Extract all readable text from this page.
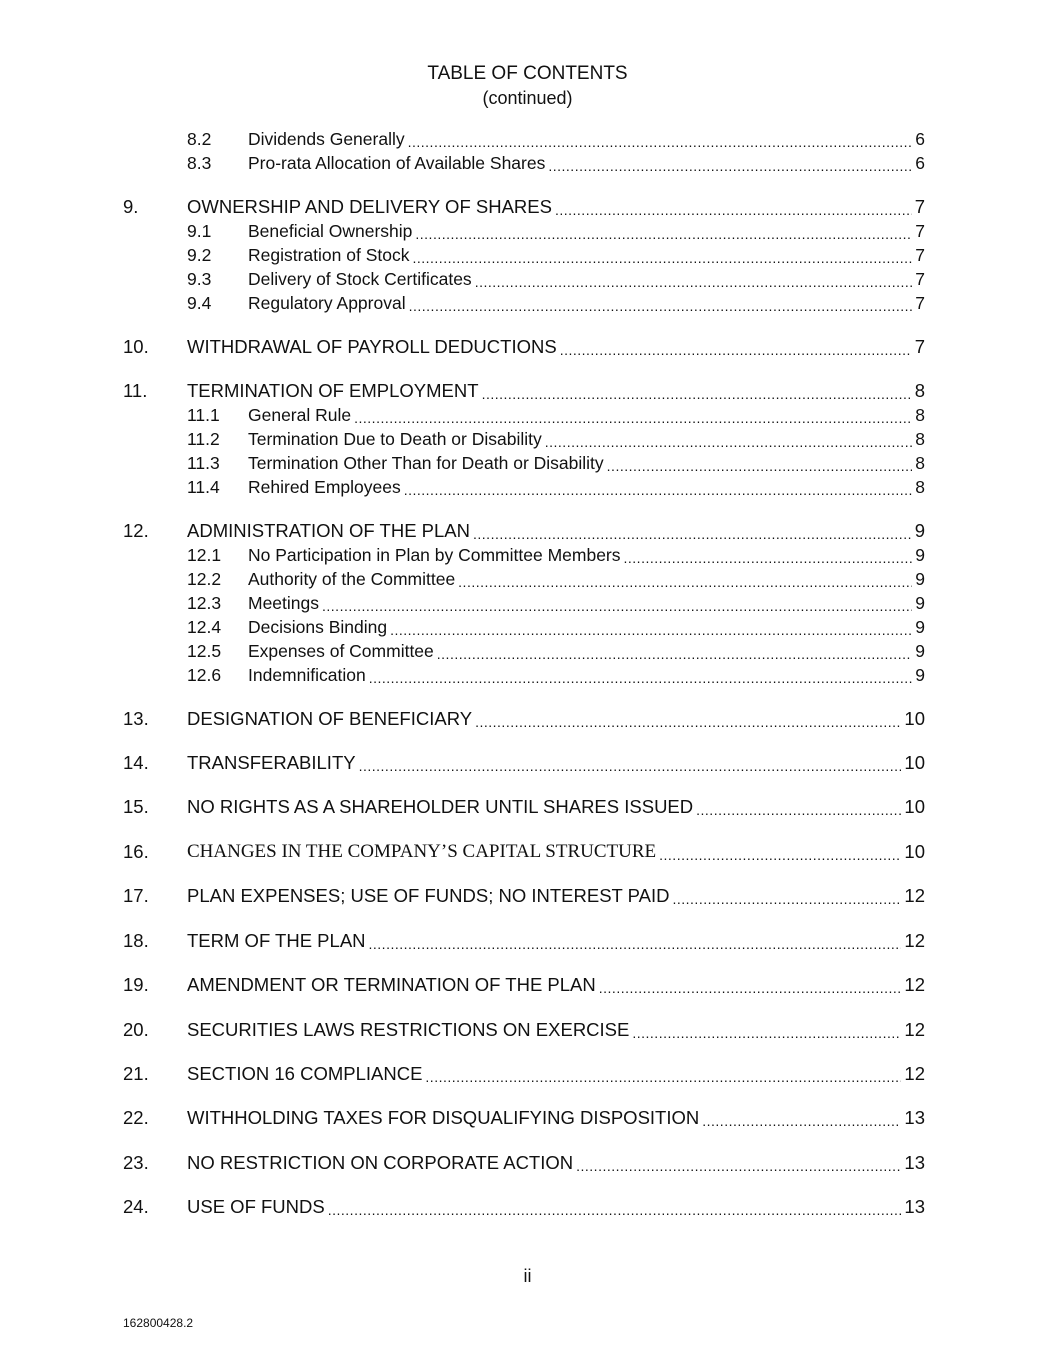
TABLE OF CONTENTS
(continued)
8.2	Dividends Generally .....	6
8.3	Pro-rata Allocation of Available Shares .....	6
9.	OWNERSHIP AND DELIVERY OF SHARES .....	7
9.1	Beneficial Ownership .....	7
9.2	Registration of Stock .....	7
9.3	Delivery of Stock Certificates .....	7
9.4	Regulatory Approval .....	7
10.	WITHDRAWAL OF PAYROLL DEDUCTIONS .....	7
11.	TERMINATION OF EMPLOYMENT .....	8
11.1	General Rule .....	8
11.2	Termination Due to Death or Disability .....	8
11.3	Termination Other Than for Death or Disability .....	8
11.4	Rehired Employees .....	8
12.	ADMINISTRATION OF THE PLAN .....	9
12.1	No Participation in Plan by Committee Members .....	9
12.2	Authority of the Committee .....	9
12.3	Meetings .....	9
12.4	Decisions Binding .....	9
12.5	Expenses of Committee .....	9
12.6	Indemnification .....	9
13.	DESIGNATION OF BENEFICIARY .....	10
14.	TRANSFERABILITY .....	10
15.	NO RIGHTS AS A SHAREHOLDER UNTIL SHARES ISSUED .....	10
16.	CHANGES IN THE COMPANY’S CAPITAL STRUCTURE .....	10
17.	PLAN EXPENSES; USE OF FUNDS; NO INTEREST PAID .....	12
18.	TERM OF THE PLAN .....	12
19.	AMENDMENT OR TERMINATION OF THE PLAN .....	12
20.	SECURITIES LAWS RESTRICTIONS ON EXERCISE .....	12
21.	SECTION 16 COMPLIANCE .....	12
22.	WITHHOLDING TAXES FOR DISQUALIFYING DISPOSITION .....	13
23.	NO RESTRICTION ON CORPORATE ACTION .....	13
24.	USE OF FUNDS .....	13
ii
162800428.2
